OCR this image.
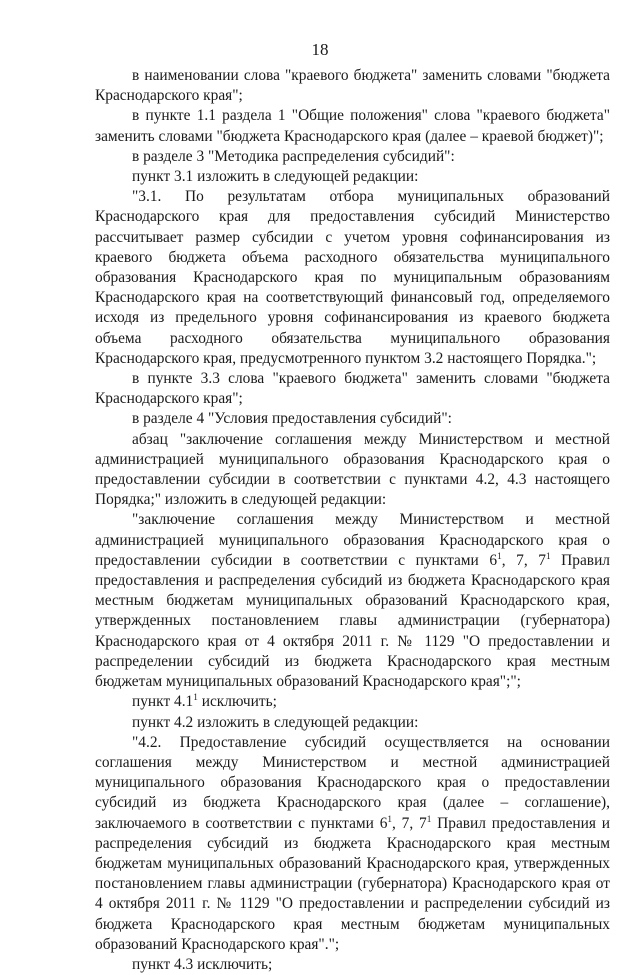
18

в наименовании слова "краевого бюджета" заменить словами "бюджета Краснодарского края";

в пункте 1.1 раздела 1 "Общие положения" слова "краевого бюджета" заменить словами "бюджета Краснодарского края (далее – краевой бюджет)";

в разделе 3 "Методика распределения субсидий":

пункт 3.1 изложить в следующей редакции:

"3.1. По результатам отбора муниципальных образований Краснодарского края для предоставления субсидий Министерство рассчитывает размер субсидии с учетом уровня софинансирования из краевого бюджета объема расходного обязательства муниципального образования Краснодарского края по муниципальным образованиям Краснодарского края на соответствующий финансовый год, определяемого исходя из предельного уровня софинансирования из краевого бюджета объема расходного обязательства муниципального образования Краснодарского края, предусмотренного пунктом 3.2 настоящего Порядка.";

в пункте 3.3 слова "краевого бюджета" заменить словами "бюджета Краснодарского края";

в разделе 4 "Условия предоставления субсидий":

абзац "заключение соглашения между Министерством и местной администрацией муниципального образования Краснодарского края о предоставлении субсидии в соответствии с пунктами 4.2, 4.3 настоящего Порядка;" изложить в следующей редакции:

"заключение соглашения между Министерством и местной администрацией муниципального образования Краснодарского края о предоставлении субсидии в соответствии с пунктами $6^1$, 7, $7^1$ Правил предоставления и распределения субсидий из бюджета Краснодарского края местным бюджетам муниципальных образований Краснодарского края, утвержденных постановлением главы администрации (губернатора) Краснодарского края от 4 октября 2011 г. № 1129 "О предоставлении и распределении субсидий из бюджета Краснодарского края местным бюджетам муниципальных образований Краснодарского края";";

пункт $4.1^1$ исключить;

пункт 4.2 изложить в следующей редакции:

"4.2. Предоставление субсидий осуществляется на основании соглашения между Министерством и местной администрацией муниципального образования Краснодарского края о предоставлении субсидий из бюджета Краснодарского края (далее – соглашение), заключаемого в соответствии с пунктами $6^1$, 7, $7^1$ Правил предоставления и распределения субсидий из бюджета Краснодарского края местным бюджетам муниципальных образований Краснодарского края, утвержденных постановлением главы администрации (губернатора) Краснодарского края от 4 октября 2011 г. № 1129 "О предоставлении и распределении субсидий из бюджета Краснодарского края местным бюджетам муниципальных образований Краснодарского края".";

пункт 4.3 исключить;
